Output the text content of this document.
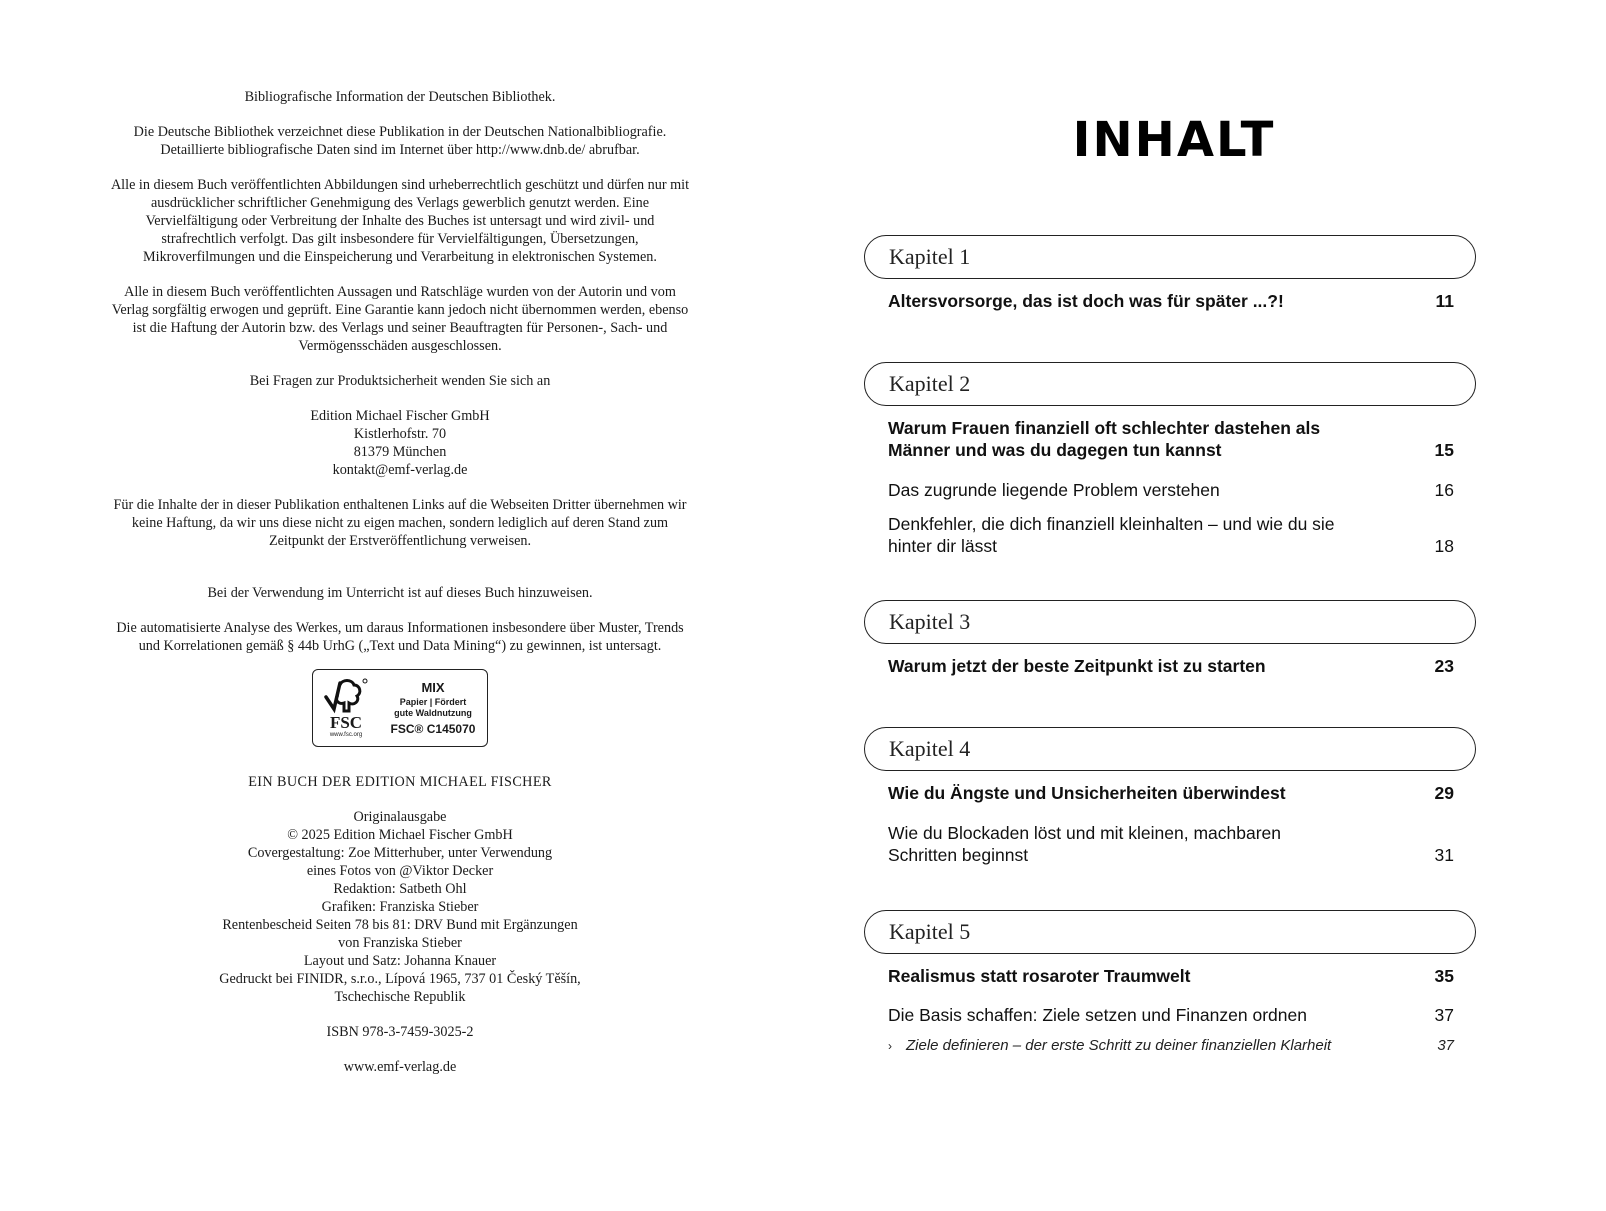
Bibliografische Information der Deutschen Bibliothek.

Die Deutsche Bibliothek verzeichnet diese Publikation in der Deutschen Nationalbibliografie.
Detaillierte bibliografische Daten sind im Internet über http://www.dnb.de/ abrufbar.

Alle in diesem Buch veröffentlichten Abbildungen sind urheberrechtlich geschützt und dürfen nur mit ausdrücklicher schriftlicher Genehmigung des Verlags gewerblich genutzt werden. Eine Vervielfältigung oder Verbreitung der Inhalte des Buches ist untersagt und wird zivil- und strafrechtlich verfolgt. Das gilt insbesondere für Vervielfältigungen, Übersetzungen, Mikroverfilmungen und die Einspeicherung und Verarbeitung in elektronischen Systemen.

Alle in diesem Buch veröffentlichten Aussagen und Ratschläge wurden von der Autorin und vom Verlag sorgfältig erwogen und geprüft. Eine Garantie kann jedoch nicht übernommen werden, ebenso ist die Haftung der Autorin bzw. des Verlags und seiner Beauftragten für Personen-, Sach- und Vermögensschäden ausgeschlossen.

Bei Fragen zur Produktsicherheit wenden Sie sich an

Edition Michael Fischer GmbH
Kistlerhofstr. 70
81379 München
kontakt@emf-verlag.de

Für die Inhalte der in dieser Publikation enthaltenen Links auf die Webseiten Dritter übernehmen wir keine Haftung, da wir uns diese nicht zu eigen machen, sondern lediglich auf deren Stand zum Zeitpunkt der Erstveröffentlichung verweisen.

Bei der Verwendung im Unterricht ist auf dieses Buch hinzuweisen.

Die automatisierte Analyse des Werkes, um daraus Informationen insbesondere über Muster, Trends und Korrelationen gemäß § 44b UrhG („Text und Data Mining“) zu gewinnen, ist untersagt.

FSC
www.fsc.org
MIX
Papier | Fördert
gute Waldnutzung
FSC® C145070

EIN BUCH DER EDITION MICHAEL FISCHER

Originalausgabe
© 2025 Edition Michael Fischer GmbH
Covergestaltung: Zoe Mitterhuber, unter Verwendung
eines Fotos von @Viktor Decker
Redaktion: Satbeth Ohl
Grafiken: Franziska Stieber
Rentenbescheid Seiten 78 bis 81: DRV Bund mit Ergänzungen
von Franziska Stieber
Layout und Satz: Johanna Knauer
Gedruckt bei FINIDR, s.r.o., Lípová 1965, 737 01 Český Těšín,
Tschechische Republik

ISBN 978-3-7459-3025-2

www.emf-verlag.de

INHALT
Kapitel 1
Altersvorsorge, das ist doch was für später ...?!	11
Kapitel 2
Warum Frauen finanziell oft schlechter dastehen als Männer und was du dagegen tun kannst	15
Das zugrunde liegende Problem verstehen	16
Denkfehler, die dich finanziell kleinhalten – und wie du sie hinter dir lässt	18
Kapitel 3
Warum jetzt der beste Zeitpunkt ist zu starten	23
Kapitel 4
Wie du Ängste und Unsicherheiten überwindest	29
Wie du Blockaden löst und mit kleinen, machbaren Schritten beginnst	31
Kapitel 5
Realismus statt rosaroter Traumwelt	35
Die Basis schaffen: Ziele setzen und Finanzen ordnen	37
› Ziele definieren – der erste Schritt zu deiner finanziellen Klarheit	37
